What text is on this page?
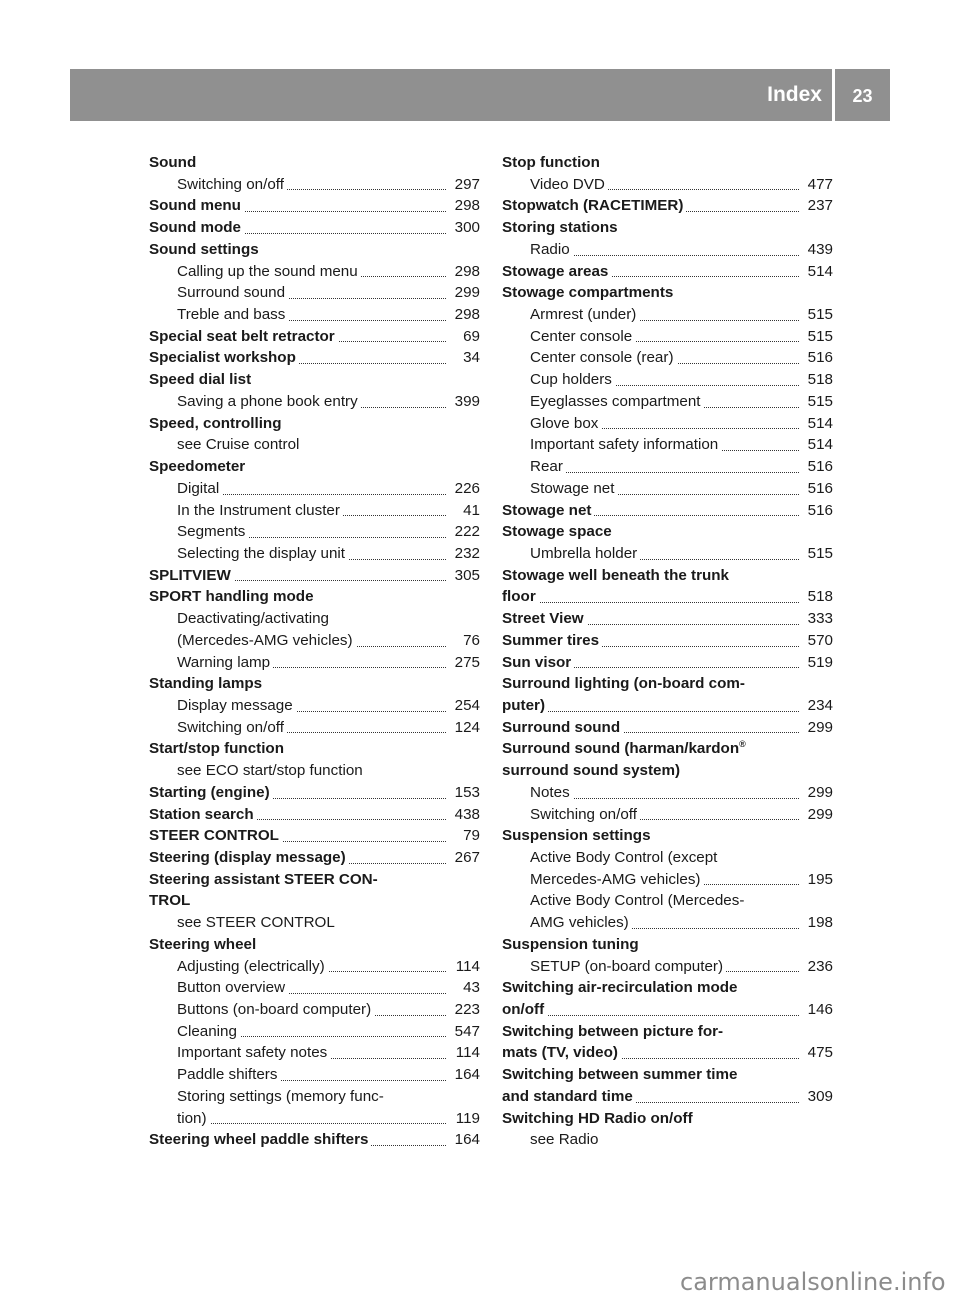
Index	23
Sound
Switching on/off	297
Sound menu	298
Sound mode	300
Sound settings
Calling up the sound menu	298
Surround sound	299
Treble and bass	298
Special seat belt retractor	69
Specialist workshop	34
Speed dial list
Saving a phone book entry	399
Speed, controlling
see Cruise control
Speedometer
Digital	226
In the Instrument cluster	41
Segments	222
Selecting the display unit	232
SPLITVIEW	305
SPORT handling mode
Deactivating/activating
(Mercedes-AMG vehicles)	76
Warning lamp	275
Standing lamps
Display message	254
Switching on/off	124
Start/stop function
see ECO start/stop function
Starting (engine)	153
Station search	438
STEER CONTROL	79
Steering (display message)	267
Steering assistant STEER CON-
TROL
see STEER CONTROL
Steering wheel
Adjusting (electrically)	114
Button overview	43
Buttons (on-board computer)	223
Cleaning	547
Important safety notes	114
Paddle shifters	164
Storing settings (memory func-
tion)	119
Steering wheel paddle shifters	164
Stop function
Video DVD	477
Stopwatch (RACETIMER)	237
Storing stations
Radio	439
Stowage areas	514
Stowage compartments
Armrest (under)	515
Center console	515
Center console (rear)	516
Cup holders	518
Eyeglasses compartment	515
Glove box	514
Important safety information	514
Rear	516
Stowage net	516
Stowage net	516
Stowage space
Umbrella holder	515
Stowage well beneath the trunk
floor	518
Street View	333
Summer tires	570
Sun visor	519
Surround lighting (on-board com-
puter)	234
Surround sound	299
Surround sound (harman/kardon®
surround sound system)
Notes	299
Switching on/off	299
Suspension settings
Active Body Control (except
Mercedes-AMG vehicles)	195
Active Body Control (Mercedes-
AMG vehicles)	198
Suspension tuning
SETUP (on-board computer)	236
Switching air-recirculation mode
on/off	146
Switching between picture for-
mats (TV, video)	475
Switching between summer time
and standard time	309
Switching HD Radio on/off
see Radio
carmanualsonline.info
